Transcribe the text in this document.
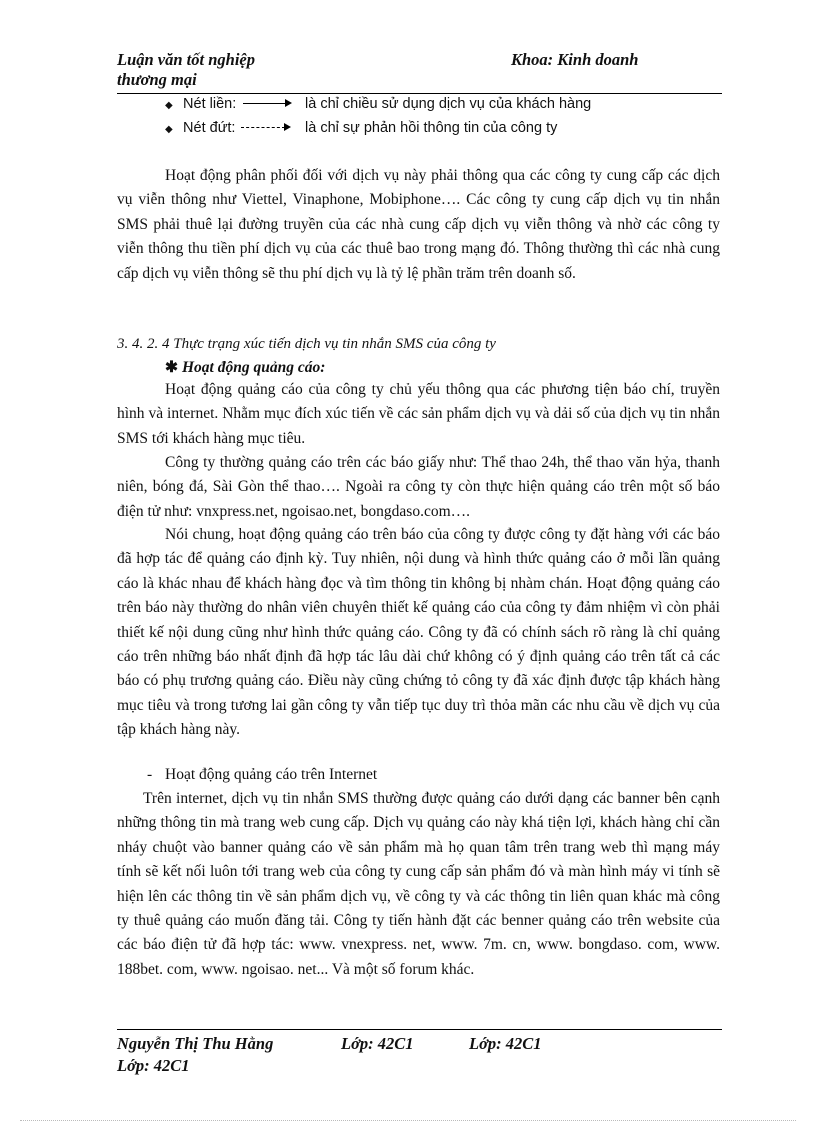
Luận văn tốt nghiệp
thương mại
Khoa: Kinh doanh
◆ Nét liền:	là chỉ chiều sử dụng dịch vụ của khách hàng
◆ Nét đứt:	là chỉ sự phản hồi thông tin của công ty
Hoạt động phân phối đối với dịch vụ này phải thông qua các công ty cung cấp các dịch vụ viễn thông như Viettel, Vinaphone, Mobiphone…. Các công ty cung cấp dịch vụ tin nhắn SMS phải thuê lại đường truyền của các nhà cung cấp dịch vụ viễn thông và nhờ các công ty viễn thông thu tiền phí dịch vụ của các thuê bao trong mạng đó. Thông thường thì các nhà cung cấp dịch vụ viễn thông sẽ thu phí dịch vụ là tỷ lệ phần trăm trên doanh số.
3. 4. 2. 4 Thực trạng xúc tiến dịch vụ tin nhắn SMS của công ty
✱ Hoạt động quảng cáo:
Hoạt động quảng cáo của công ty chủ yếu thông qua các phương tiện báo chí, truyền hình và internet. Nhằm mục đích xúc tiến về các sản phẩm dịch vụ và dải số của dịch vụ tin nhắn SMS tới khách hàng mục tiêu.
Công ty thường quảng cáo trên các báo giấy như: Thể thao 24h, thể thao văn hỷa, thanh niên, bóng đá, Sài Gòn thể thao…. Ngoài ra công ty còn thực hiện quảng cáo trên một số báo điện tử như: vnxpress.net, ngoisao.net, bongdaso.com….
Nói chung, hoạt động quảng cáo trên báo của công ty được công ty đặt hàng với các báo đã hợp tác để quảng cáo định kỳ. Tuy nhiên, nội dung và hình thức quảng cáo ở mỗi lần quảng cáo là khác nhau để khách hàng đọc và tìm thông tin không bị nhàm chán. Hoạt động quảng cáo trên báo này thường do nhân viên chuyên thiết kế quảng cáo của công ty đảm nhiệm vì còn phải thiết kế nội dung cũng như hình thức quảng cáo. Công ty đã có chính sách rõ ràng là chỉ quảng cáo trên những báo nhất định đã hợp tác lâu dài chứ không có ý định quảng cáo trên tất cả các báo có phụ trương quảng cáo. Điều này cũng chứng tỏ công ty đã xác định được tập khách hàng mục tiêu và trong tương lai gần công ty vẫn tiếp tục duy trì thỏa mãn các nhu cầu về dịch vụ của tập khách hàng này.
- Hoạt động quảng cáo trên Internet
Trên internet, dịch vụ tin nhắn SMS thường được quảng cáo dưới dạng các banner bên cạnh những thông tin mà trang web cung cấp. Dịch vụ quảng cáo này khá tiện lợi, khách hàng chỉ cần nháy chuột vào banner quảng cáo về sản phẩm mà họ quan tâm trên trang web thì mạng máy tính sẽ kết nối luôn tới trang web của công ty cung cấp sản phẩm đó và màn hình máy vi tính sẽ hiện lên các thông tin về sản phẩm dịch vụ, về công ty và các thông tin liên quan khác mà công ty thuê quảng cáo muốn đăng tải. Công ty tiến hành đặt các benner quảng cáo trên website của các báo điện tử đã hợp tác: www. vnexpress. net, www. 7m. cn, www. bongdaso. com, www. 188bet. com, www. ngoisao. net... Và một số forum khác.
Nguyễn Thị Thu Hằng	Lớp: 42C1	Lớp: 42C1
Lớp: 42C1
